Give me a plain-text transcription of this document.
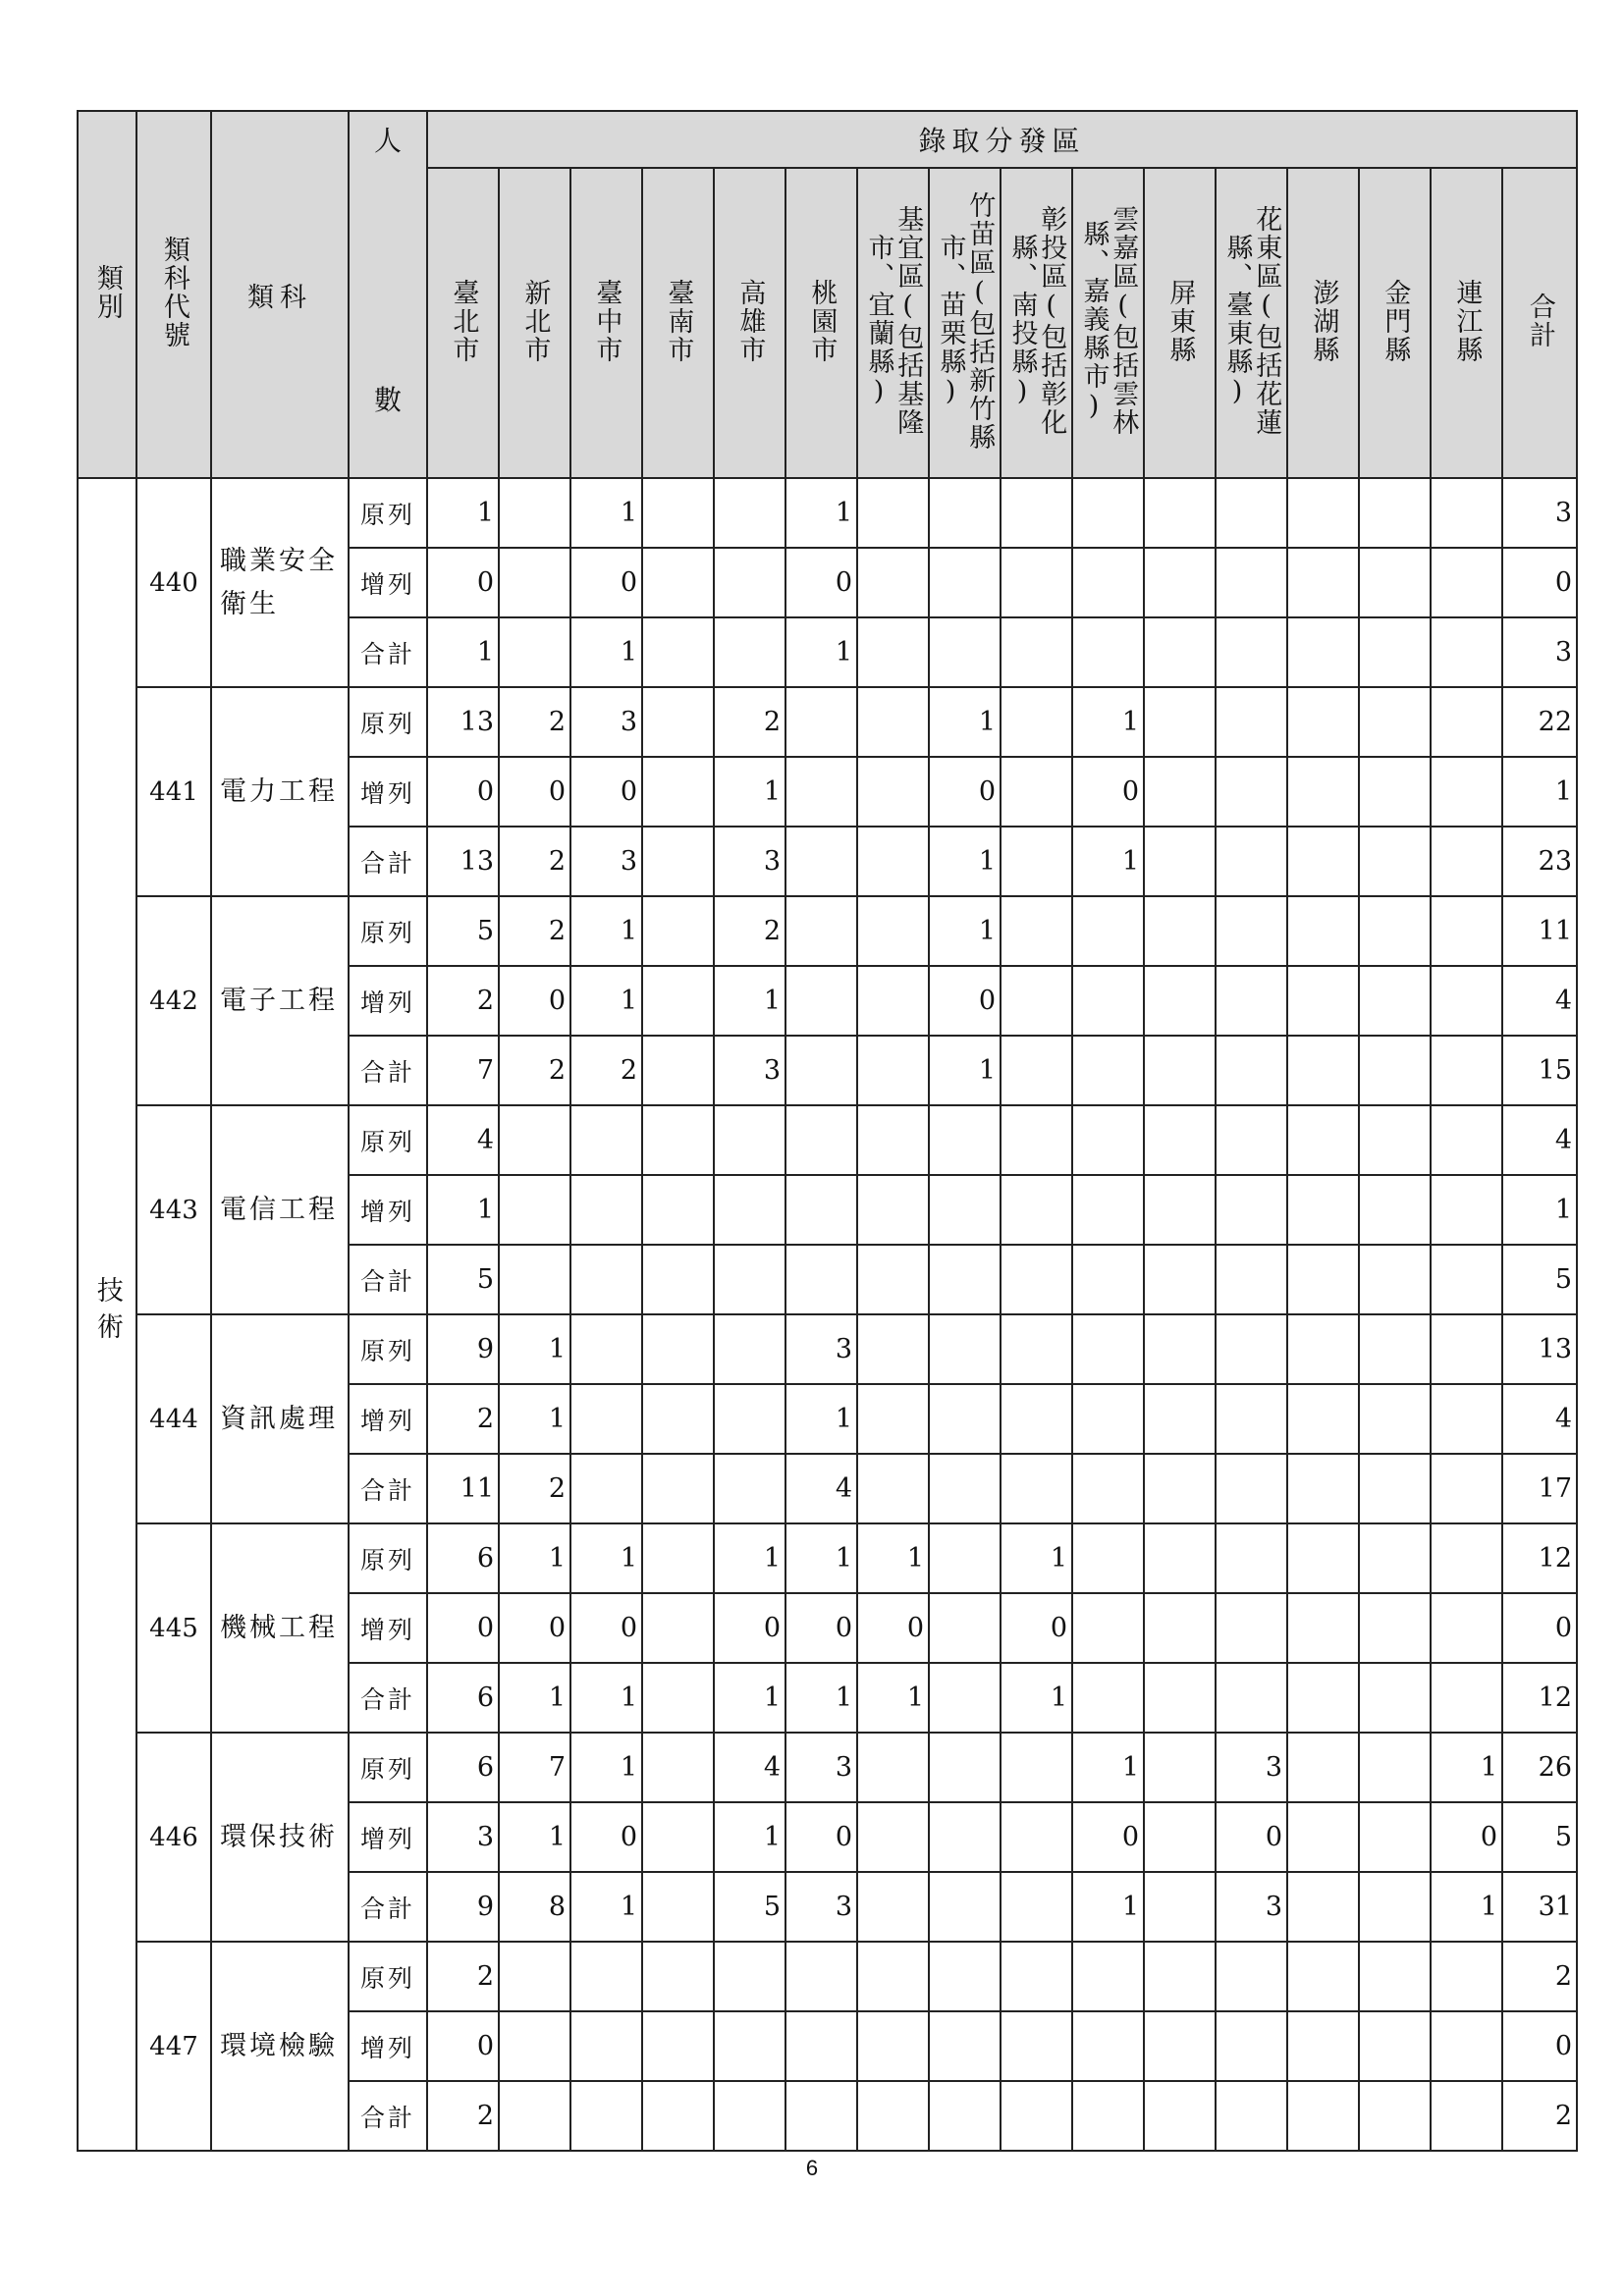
類別	類科代號	類科	人
數	錄取分發區															
				臺北市	新北市	臺中市	臺南市	高雄市	桃園市	基宜區(包括基隆市、宜蘭縣)	竹苗區(包括新竹縣市、苗栗縣)	彰投區(包括彰化縣、南投縣)	雲嘉區(包括雲林縣、嘉義縣市)	屏東縣	花東區(包括花蓮縣、臺東縣)	澎湖縣	金門縣	連江縣	合計
技術	440	職業安全衛生	原列	1		1			1										3
			增列	0		0			0										0
			合計	1		1			1										3
	441	電力工程	原列	13	2	3		2			1		1						22
			增列	0	0	0		1			0		0						1
			合計	13	2	3		3			1		1						23
	442	電子工程	原列	5	2	1		2			1								11
			增列	2	0	1		1			0								4
			合計	7	2	2		3			1								15
	443	電信工程	原列	4															4
			增列	1															1
			合計	5															5
	444	資訊處理	原列	9	1				3										13
			增列	2	1				1										4
			合計	11	2				4										17
	445	機械工程	原列	6	1	1		1	1	1		1							12
			增列	0	0	0		0	0	0		0							0
			合計	6	1	1		1	1	1		1							12
	446	環保技術	原列	6	7	1		4	3				1		3			1	26
			增列	3	1	0		1	0				0		0			0	5
			合計	9	8	1		5	3				1		3			1	31
	447	環境檢驗	原列	2															2
			增列	0															0
			合計	2															2
6
